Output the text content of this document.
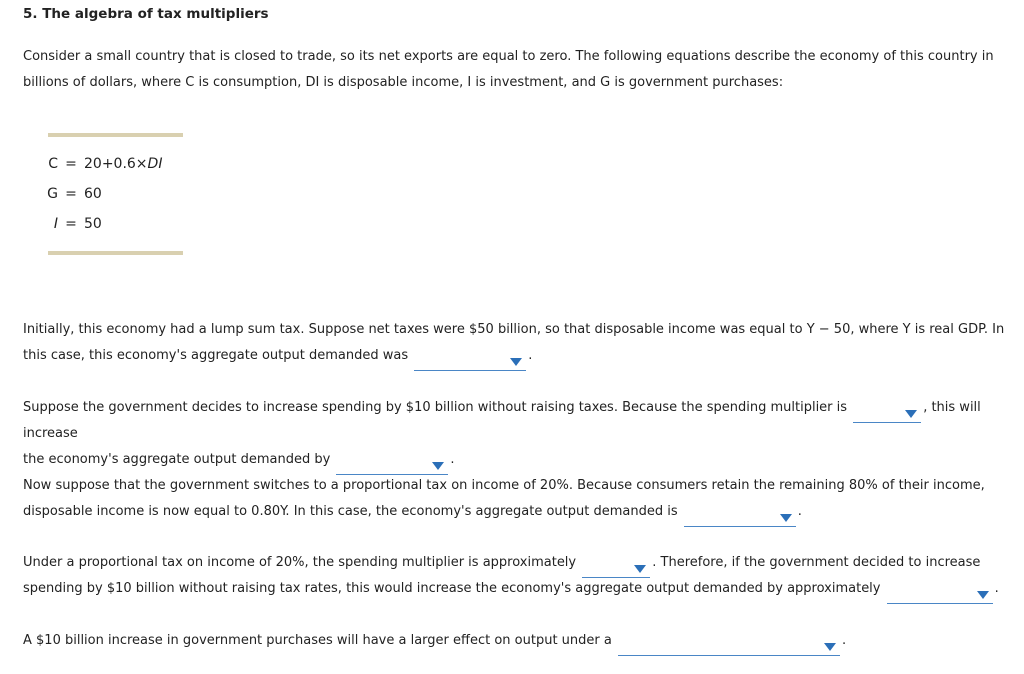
5. The algebra of tax multipliers
Consider a small country that is closed to trade, so its net exports are equal to zero. The following equations describe the economy of this country in
billions of dollars, where C is consumption, DI is disposable income, I is investment, and G is government purchases:
C = 20+0.6×DI
G = 60
I = 50
Initially, this economy had a lump sum tax. Suppose net taxes were $50 billion, so that disposable income was equal to Y − 50, where Y is real GDP. In
this case, this economy's aggregate output demanded was	.
Suppose the government decides to increase spending by $10 billion without raising taxes. Because the spending multiplier is	, this will increase
the economy's aggregate output demanded by	.
Now suppose that the government switches to a proportional tax on income of 20%. Because consumers retain the remaining 80% of their income,
disposable income is now equal to 0.80Y. In this case, the economy's aggregate output demanded is	.
Under a proportional tax on income of 20%, the spending multiplier is approximately	. Therefore, if the government decided to increase
spending by $10 billion without raising tax rates, this would increase the economy's aggregate output demanded by approximately	.
A $10 billion increase in government purchases will have a larger effect on output under a	.
